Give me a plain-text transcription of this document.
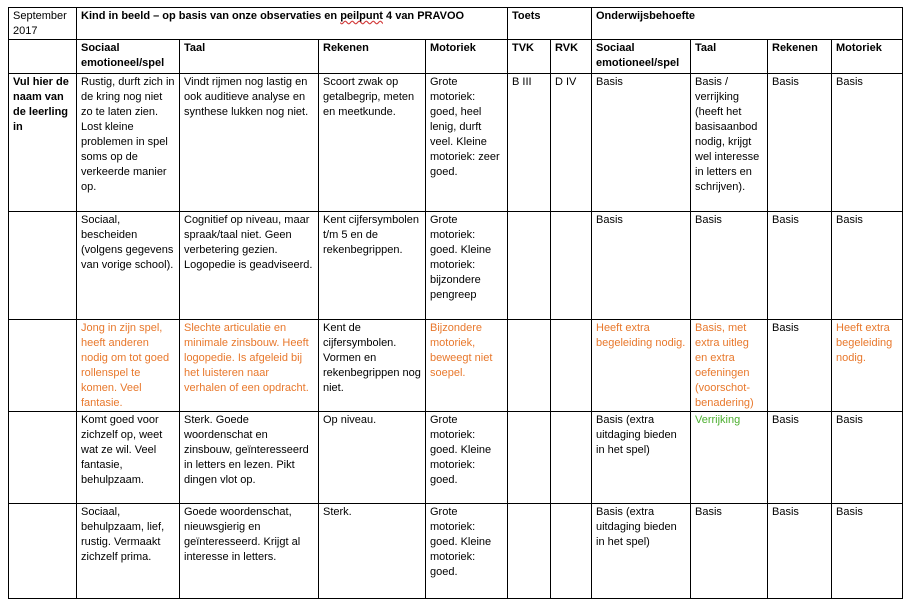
September 2017	Kind in beeld – op basis van onze observaties en peilpunt 4 van PRAVOO				Toets		Onderwijsbehoefte			
	Sociaal emotioneel/spel	Taal	Rekenen	Motoriek	TVK	RVK	Sociaal emotioneel/spel	Taal	Rekenen	Motoriek
Vul hier de naam van de leerling in	Rustig, durft zich in de kring nog niet zo te laten zien. Lost kleine problemen in spel soms op de verkeerde manier op.	Vindt rijmen nog lastig en ook auditieve analyse en synthese lukken nog niet.	Scoort zwak op getalbegrip, meten en meetkunde.	Grote motoriek: goed, heel lenig, durft veel. Kleine motoriek: zeer goed.	B III	D IV	Basis	Basis / verrijking (heeft het basisaanbod nodig, krijgt wel interesse in letters en schrijven).	Basis	Basis
	Sociaal, bescheiden (volgens gegevens van vorige school).	Cognitief op niveau, maar spraak/taal niet. Geen verbetering gezien. Logopedie is geadviseerd.	Kent cijfersymbolen t/m 5 en de rekenbegrippen.	Grote motoriek: goed. Kleine motoriek: bijzondere pengreep			Basis	Basis	Basis	Basis
	Jong in zijn spel, heeft anderen nodig om tot goed rollenspel te komen. Veel fantasie.	Slechte articulatie en minimale zinsbouw. Heeft logopedie. Is afgeleid bij het luisteren naar verhalen of een opdracht.	Kent de cijfersymbolen. Vormen en rekenbegrippen nog niet.	Bijzondere motoriek, beweegt niet soepel.			Heeft extra begeleiding nodig.	Basis, met extra uitleg en extra oefeningen (voorschot-benadering)	Basis	Heeft extra begeleiding nodig.
	Komt goed voor zichzelf op, weet wat ze wil. Veel fantasie, behulpzaam.	Sterk. Goede woordenschat en zinsbouw, geïnteresseerd in letters en lezen. Pikt dingen vlot op.	Op niveau.	Grote motoriek: goed. Kleine motoriek: goed.			Basis (extra uitdaging bieden in het spel)	Verrijking	Basis	Basis
	Sociaal, behulpzaam, lief, rustig. Vermaakt zichzelf prima.	Goede woordenschat, nieuwsgierig en geïnteresseerd. Krijgt al interesse in letters.	Sterk.	Grote motoriek: goed. Kleine motoriek: goed.			Basis (extra uitdaging bieden in het spel)	Basis	Basis	Basis
